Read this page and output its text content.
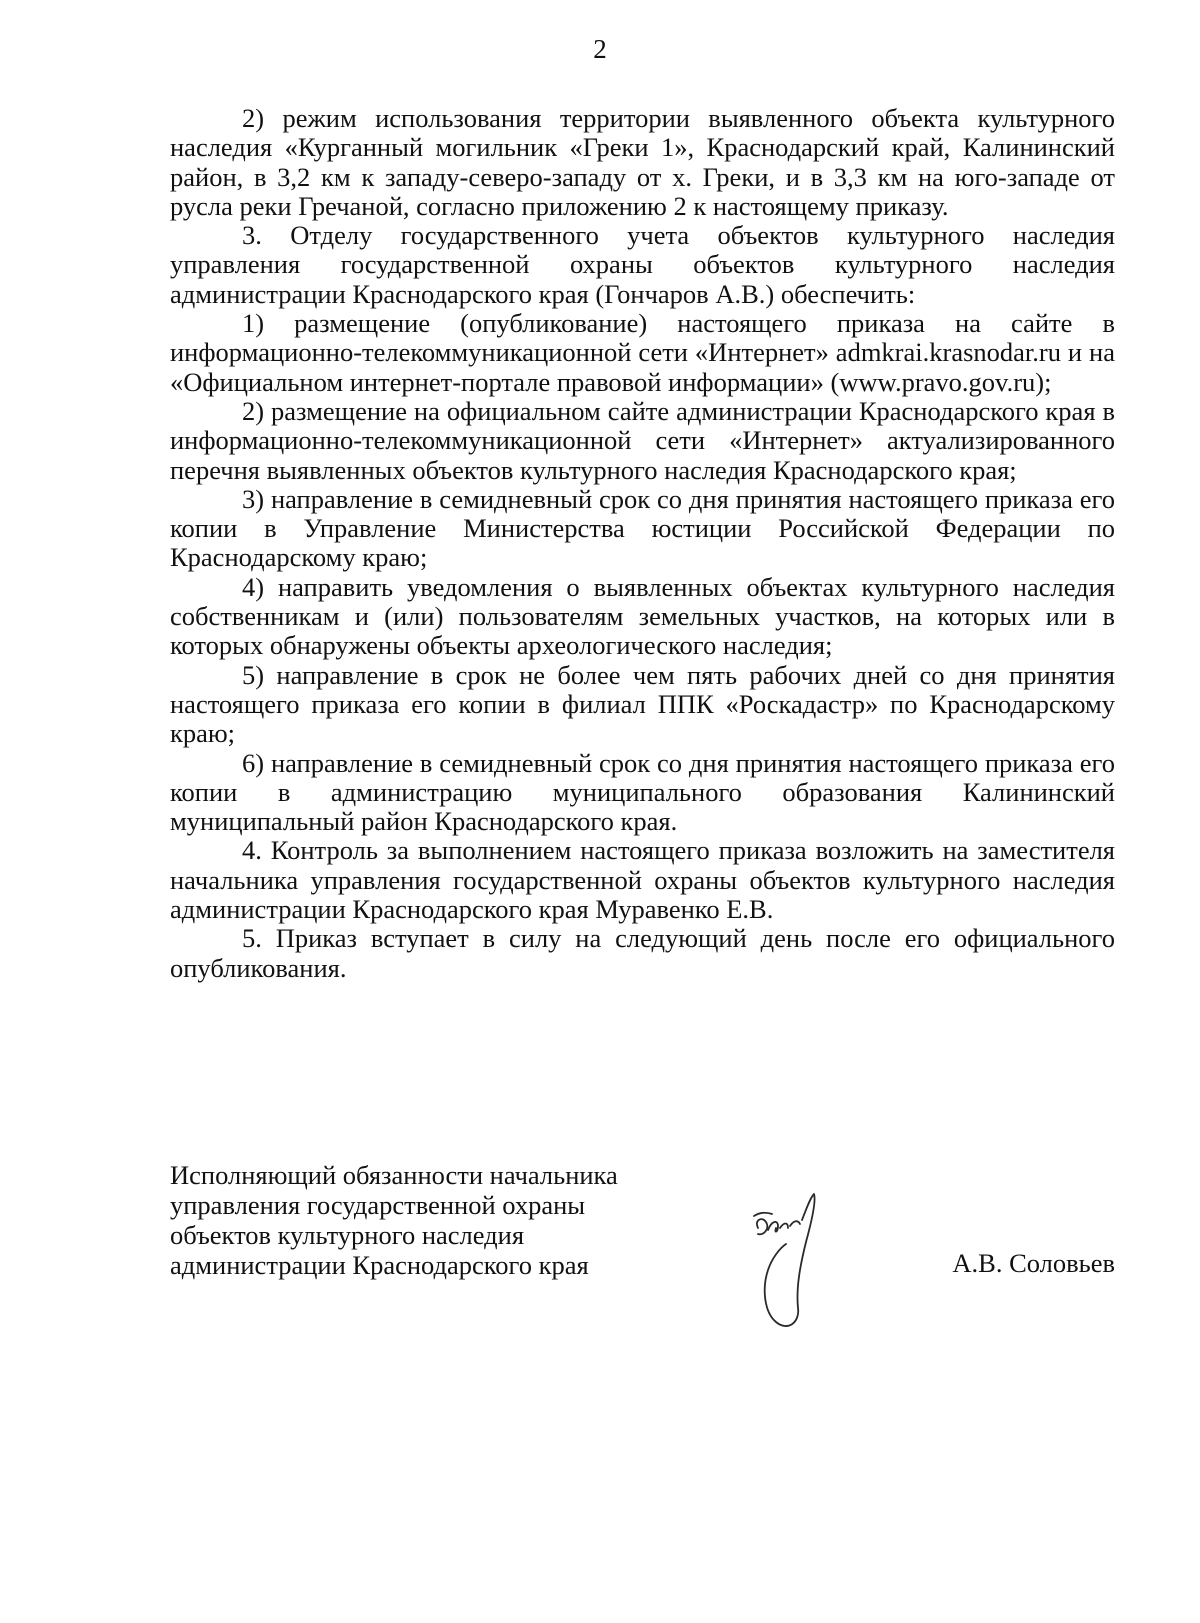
2

2) режим использования территории выявленного объекта культурного наследия «Курганный могильник «Греки 1», Краснодарский край, Калининский район, в 3,2 км к западу-северо-западу от х. Греки, и в 3,3 км на юго-западе от русла реки Гречаной, согласно приложению 2 к настоящему приказу.

3. Отделу государственного учета объектов культурного наследия управления государственной охраны объектов культурного наследия администрации Краснодарского края (Гончаров А.В.) обеспечить:

1) размещение (опубликование) настоящего приказа на сайте в информационно-телекоммуникационной сети «Интернет» admkrai.krasnodar.ru и на «Официальном интернет-портале правовой информации» (www.pravo.gov.ru);

2) размещение на официальном сайте администрации Краснодарского края в информационно-телекоммуникационной сети «Интернет» актуализированного перечня выявленных объектов культурного наследия Краснодарского края;

3) направление в семидневный срок со дня принятия настоящего приказа его копии в Управление Министерства юстиции Российской Федерации по Краснодарскому краю;

4) направить уведомления о выявленных объектах культурного наследия собственникам и (или) пользователям земельных участков, на которых или в которых обнаружены объекты археологического наследия;

5) направление в срок не более чем пять рабочих дней со дня принятия настоящего приказа его копии в филиал ППК «Роскадастр» по Краснодарскому краю;

6) направление в семидневный срок со дня принятия настоящего приказа его копии в администрацию муниципального образования Калининский муниципальный район Краснодарского края.

4. Контроль за выполнением настоящего приказа возложить на заместителя начальника управления государственной охраны объектов культурного наследия администрации Краснодарского края Муравенко Е.В.

5. Приказ вступает в силу на следующий день после его официального опубликования.

Исполняющий обязанности начальника
управления государственной охраны
объектов культурного наследия
администрации Краснодарского края	А.В. Соловьев
